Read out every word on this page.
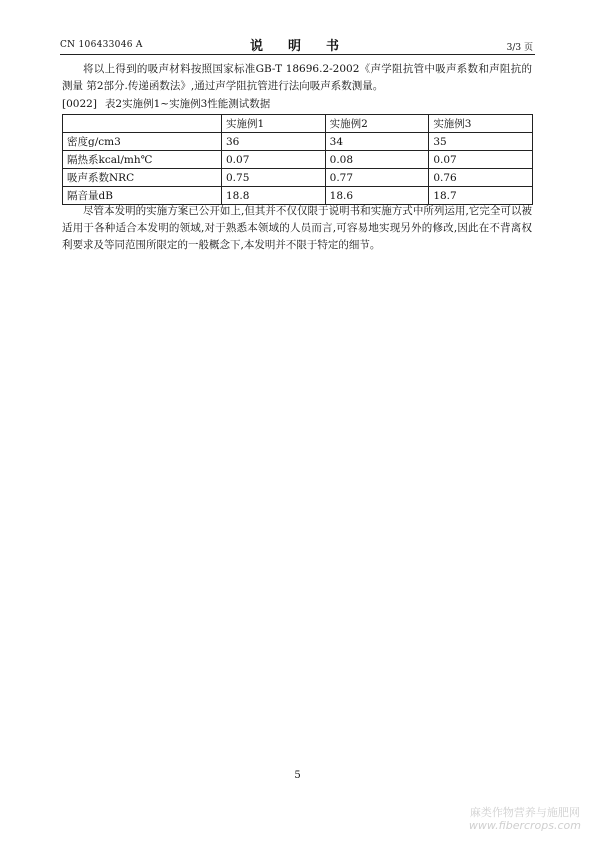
CN 106433046 A	说　明　书	3/3 页

将以上得到的吸声材料按照国家标准GB-T 18696.2-2002《声学阻抗管中吸声系数和声阻抗的测量 第2部分.传递函数法》,通过声学阻抗管进行法向吸声系数测量。

[0022] 表2实施例1~实施例3性能测试数据
	实施例1	实施例2	实施例3
密度g/cm3	36	34	35
隔热系kcal/mh℃	0.07	0.08	0.07
吸声系数NRC	0.75	0.77	0.76
隔音量dB	18.8	18.6	18.7

尽管本发明的实施方案已公开如上,但其并不仅仅限于说明书和实施方式中所列运用,它完全可以被适用于各种适合本发明的领域,对于熟悉本领域的人员而言,可容易地实现另外的修改,因此在不背离权利要求及等同范围所限定的一般概念下,本发明并不限于特定的细节。

5
麻类作物营养与施肥网
www.fibercrops.com
